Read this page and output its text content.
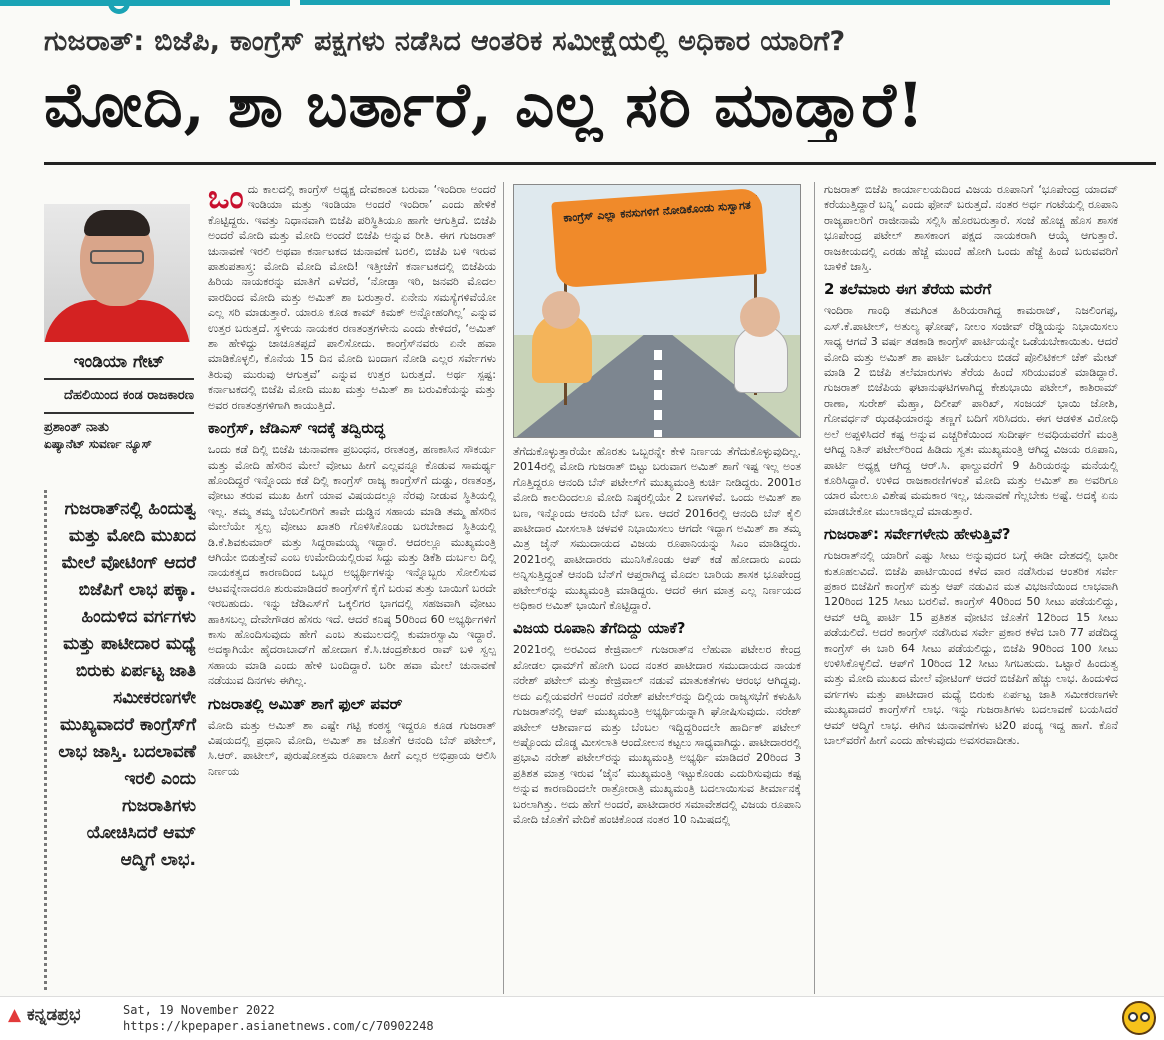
ಗುಜರಾತ್: ಬಿಜೆಪಿ, ಕಾಂಗ್ರೆಸ್ ಪಕ್ಷಗಳು ನಡೆಸಿದ ಆಂತರಿಕ ಸಮೀಕ್ಷೆಯಲ್ಲಿ ಅಧಿಕಾರ ಯಾರಿಗೆ?
ಮೋದಿ, ಶಾ ಬರ್ತಾರೆ, ಎಲ್ಲ ಸರಿ ಮಾಡ್ತಾರೆ!
ಇಂಡಿಯಾ ಗೇಟ್
ದೆಹಲಿಯಿಂದ ಕಂಡ ರಾಜಕಾರಣ
ಪ್ರಶಾಂತ್ ನಾತು
ಏಷ್ಯಾನೆಟ್ ಸುವರ್ಣ ನ್ಯೂಸ್
ಗುಜರಾತ್‌ನಲ್ಲಿ ಹಿಂದುತ್ವ ಮತ್ತು ಮೋದಿ ಮುಖದ ಮೇಲೆ ವೋಟಿಂಗ್ ಆದರೆ ಬಿಜೆಪಿಗೆ ಲಾಭ ಪಕ್ಕಾ. ಹಿಂದುಳಿದ ವರ್ಗಗಳು ಮತ್ತು ಪಾಟೀದಾರ ಮಧ್ಯೆ ಬಿರುಕು ಏರ್ಪಟ್ಟ ಜಾತಿ ಸಮೀಕರಣಗಳೇ ಮುಖ್ಯವಾದರೆ ಕಾಂಗ್ರೆಸ್‌ಗೆ ಲಾಭ ಜಾಸ್ತಿ. ಬದಲಾವಣೆ ಇರಲಿ ಎಂದು ಗುಜರಾತಿಗಳು ಯೋಚಿಸಿದರೆ ಆಮ್ ಆದ್ಮಿಗೆ ಲಾಭ.
ಒಂ ದು ಕಾಲದಲ್ಲಿ ಕಾಂಗ್ರೆಸ್ ಅಧ್ಯಕ್ಷ ದೇವಕಾಂತ ಬರುವಾ ‘ಇಂದಿರಾ ಅಂದರೆ ಇಂಡಿಯಾ ಮತ್ತು ಇಂಡಿಯಾ ಅಂದರೆ ಇಂದಿರಾ’ ಎಂದು ಹೇಳಿಕೆ ಕೊಟ್ಟಿದ್ದರು. ಇವತ್ತು ನಿಧಾನವಾಗಿ ಬಿಜೆಪಿ ಪರಿಸ್ಥಿತಿಯೂ ಹಾಗೇ ಆಗುತ್ತಿದೆ. ಬಿಜೆಪಿ ಅಂದರೆ ಮೋದಿ ಮತ್ತು ಮೋದಿ ಅಂದರೆ ಬಿಜೆಪಿ ಅನ್ನುವ ರೀತಿ. ಈಗ ಗುಜರಾತ್ ಚುನಾವಣೆ ಇರಲಿ ಅಥವಾ ಕರ್ನಾಟಕದ ಚುನಾವಣೆ ಬರಲಿ, ಬಿಜೆಪಿ ಬಳಿ ಇರುವ ಪಾಶುಪತಾಸ್ತ್ರ: ಮೋದಿ ಮೋದಿ ಮೋದಿ! ಇತ್ತೀಚೆಗೆ ಕರ್ನಾಟಕದಲ್ಲಿ ಬಿಜೆಪಿಯ ಹಿರಿಯ ನಾಯಕರನ್ನು ಮಾತಿಗೆ ಎಳೆದರೆ, ‘ನೋಡ್ತಾ ಇರಿ, ಜನವರಿ ಮೊದಲ ವಾರದಿಂದ ಮೋದಿ ಮತ್ತು ಅಮಿತ್ ಶಾ ಬರುತ್ತಾರೆ. ಏನೇನು ಸಮಸ್ಯೆಗಳಿವೆಯೋ ಎಲ್ಲ ಸರಿ ಮಾಡುತ್ತಾರೆ. ಯಾರೂ ಕೂಡ ಕಾಮ್ ಕಿಮಕ್ ಅನ್ನೋಹಂಗಿಲ್ಲ’ ಎನ್ನುವ ಉತ್ತರ ಬರುತ್ತದೆ. ಸ್ಥಳೀಯ ನಾಯಕರ ರಣತಂತ್ರಗಳೇನು ಎಂದು ಕೇಳಿದರೆ, ‘ಅಮಿತ್ ಶಾ ಹೇಳಿದ್ದು ಚಾಚೂತಪ್ಪದೆ ಪಾಲಿಸೋದು. ಕಾಂಗ್ರೆಸ್‌ನವರು ಏನೇ ಹವಾ ಮಾಡಿಕೊಳ್ಳಲಿ, ಕೊನೆಯ 15 ದಿನ ಮೋದಿ ಬಂದಾಗ ನೋಡಿ ಎಲ್ಲರ ಸರ್ವೇಗಳು ತಿರುವು ಮುರುವು ಆಗುತ್ತವೆ’ ಎನ್ನುವ ಉತ್ತರ ಬರುತ್ತದೆ. ಅರ್ಥ ಸ್ಪಷ್ಟ: ಕರ್ನಾಟಕದಲ್ಲಿ ಬಿಜೆಪಿ ಮೋದಿ ಮುಖ ಮತ್ತು ಅಮಿತ್ ಶಾ ಬರುವಿಕೆಯನ್ನು ಮತ್ತು ಅವರ ರಣತಂತ್ರಗಳಿಗಾಗಿ ಕಾಯುತ್ತಿದೆ.
ಕಾಂಗ್ರೆಸ್, ಜೆಡಿಎಸ್ ಇದಕ್ಕೆ ತದ್ವಿರುದ್ಧ
ಒಂದು ಕಡೆ ದಿಲ್ಲಿ ಬಿಜೆಪಿ ಚುನಾವಣಾ ಪ್ರಬಂಧನ, ರಣತಂತ್ರ, ಹಣಕಾಸಿನ ಸೌಕರ್ಯ ಮತ್ತು ಮೋದಿ ಹೆಸರಿನ ಮೇಲೆ ವೋಟು ಹೀಗೆ ಎಲ್ಲವನ್ನೂ ಕೊಡುವ ಸಾಮರ್ಥ್ಯ ಹೊಂದಿದ್ದರೆ ಇನ್ನೊಂದು ಕಡೆ ದಿಲ್ಲಿ ಕಾಂಗ್ರೆಸ್ ರಾಜ್ಯ ಕಾಂಗ್ರೆಸ್‌ಗೆ ದುಡ್ಡು, ರಣತಂತ್ರ, ವೋಟು ತರುವ ಮುಖ ಹೀಗೆ ಯಾವ ವಿಷಯದಲ್ಲೂ ನೆರವು ನೀಡುವ ಸ್ಥಿತಿಯಲ್ಲಿ ಇಲ್ಲ. ತಮ್ಮ ತಮ್ಮ ಬೆಂಬಲಿಗರಿಗೆ ತಾವೇ ದುಡ್ಡಿನ ಸಹಾಯ ಮಾಡಿ ತಮ್ಮ ಹೆಸರಿನ ಮೇಲೆಯೇ ಸ್ವಲ್ಪ ವೋಟು ಖಾತರಿ ಗೊಳಿಸಿಕೊಂಡು ಬರಬೇಕಾದ ಸ್ಥಿತಿಯಲ್ಲಿ ಡಿ.ಕೆ.ಶಿವಕುಮಾರ್ ಮತ್ತು ಸಿದ್ದರಾಮಯ್ಯ ಇದ್ದಾರೆ. ಆದರಲ್ಲೂ ಮುಖ್ಯಮಂತ್ರಿ ಆಗಿಯೇ ಬಿಡುತ್ತೇವೆ ಎಂಬ ಉಮೇದಿಯಲ್ಲಿರುವ ಸಿದ್ದು ಮತ್ತು ಡಿಕೆಶಿ ದುರ್ಬಲ ದಿಲ್ಲಿ ನಾಯಕತ್ವದ ಕಾರಣದಿಂದ ಒಬ್ಬರ ಅಭ್ಯರ್ಥಿಗಳನ್ನು ಇನ್ನೊಬ್ಬರು ಸೋಲಿಸುವ ಆಟವನ್ನೇನಾದರೂ ಶುರುಮಾಡಿದರೆ ಕಾಂಗ್ರೆಸ್‌ಗೆ ಕೈಗೆ ಬರುವ ತುತ್ತು ಬಾಯಿಗೆ ಬರದೇ ಇರಬಹುದು. ಇನ್ನು ಜೆಡಿಎಸ್‌ಗೆ ಒಕ್ಕಲಿಗರ ಭಾಗದಲ್ಲಿ ಸಹಜವಾಗಿ ವೋಟು ಹಾಕಿಸಬಲ್ಲ ದೇವೇಗೌಡರ ಹೆಸರು ಇದೆ. ಆದರೆ ಕನಿಷ್ಠ 50ರಿಂದ 60 ಅಭ್ಯರ್ಥಿಗಳಿಗೆ ಕಾಸು ಹೊಂದಿಸುವುದು ಹೇಗೆ ಎಂಬ ತುಮುಲದಲ್ಲಿ ಕುಮಾರಸ್ವಾಮಿ ಇದ್ದಾರೆ. ಅದಕ್ಕಾಗಿಯೇ ಹೈದರಾಬಾದ್‌ಗೆ ಹೋದಾಗ ಕೆ.ಸಿ.ಚಂದ್ರಶೇಖರ ರಾವ್ ಬಳಿ ಸ್ವಲ್ಪ ಸಹಾಯ ಮಾಡಿ ಎಂದು ಹೇಳಿ ಬಂದಿದ್ದಾರೆ. ಬರೀ ಹವಾ ಮೇಲೆ ಚುನಾವಣೆ ನಡೆಯುವ ದಿನಗಳು ಈಗಿಲ್ಲ.
ಗುಜರಾತಲ್ಲಿ ಅಮಿತ್ ಶಾಗೆ ಫುಲ್ ಪವರ್
ಮೋದಿ ಮತ್ತು ಅಮಿತ್ ಶಾ ಎಷ್ಟೇ ಗಟ್ಟಿ ಕಂಠಸ್ಥ ಇದ್ದರೂ ಕೂಡ ಗುಜರಾತ್ ವಿಷಯದಲ್ಲಿ ಪ್ರಧಾನಿ ಮೋದಿ, ಅಮಿತ್ ಶಾ ಜೊತೆಗೆ ಆನಂದಿ ಬೆನ್ ಪಟೇಲ್, ಸಿ.ಆರ್. ಪಾಟೀಲ್, ಪುರುಷೋತ್ತಮ ರೂಪಾಲಾ ಹೀಗೆ ಎಲ್ಲರ ಅಭಿಪ್ರಾಯ ಆಲಿಸಿ ನಿರ್ಣಯ
ಕಾಂಗ್ರೆಸ್ ಎಲ್ಲಾ ಕನಸುಗಳಿಗೆ ನೋಡಿಕೊಂಡು ಸುಸ್ವಾಗತ
ತೆಗೆದುಕೊಳ್ಳುತ್ತಾರೆಯೇ ಹೊರತು ಒಬ್ಬರನ್ನೇ ಕೇಳಿ ನಿರ್ಣಯ ತೆಗೆದುಕೊಳ್ಳುವುದಿಲ್ಲ. 2014ರಲ್ಲಿ ಮೋದಿ ಗುಜರಾತ್ ಬಿಟ್ಟು ಬರುವಾಗ ಅಮಿತ್ ಶಾಗೆ ಇಷ್ಟ ಇಲ್ಲ ಅಂತ ಗೊತ್ತಿದ್ದರೂ ಆನಂದಿ ಬೆನ್ ಪಟೇಲ್‌ಗೆ ಮುಖ್ಯಮಂತ್ರಿ ಕುರ್ಚಿ ನೀಡಿದ್ದರು. 2001ರ ಮೋದಿ ಕಾಲದಿಂದಲೂ ಮೋದಿ ನಿಷ್ಠರಲ್ಲಿಯೇ 2 ಬಣಗಳಿವೆ. ಒಂದು ಅಮಿತ್ ಶಾ ಬಣ, ಇನ್ನೊಂದು ಆನಂದಿ ಬೆನ್ ಬಣ. ಆದರೆ 2016ರಲ್ಲಿ ಆನಂದಿ ಬೆನ್ ಕೈಲಿ ಪಾಟೀದಾರ ಮೀಸಲಾತಿ ಚಳವಳಿ ನಿಭಾಯಿಸಲು ಆಗದೇ ಇದ್ದಾಗ ಅಮಿತ್ ಶಾ ತಮ್ಮ ಮಿತ್ರ ಜೈನ್ ಸಮುದಾಯದ ವಿಜಯ ರೂಪಾನಿಯನ್ನು ಸಿಎಂ ಮಾಡಿದ್ದರು. 2021ರಲ್ಲಿ ಪಾಟೀದಾರರು ಮುನಿಸಿಕೊಂಡು ಆಪ್ ಕಡೆ ಹೋದಾರು ಎಂದು ಅನ್ನಿಸುತ್ತಿದ್ದಂತೆ ಆನಂದಿ ಬೆನ್‌ಗೆ ಆಪ್ತರಾಗಿದ್ದ ಮೊದಲ ಬಾರಿಯ ಶಾಸಕ ಭೂಪೇಂದ್ರ ಪಟೇಲ್‌ರನ್ನು ಮುಖ್ಯಮಂತ್ರಿ ಮಾಡಿದ್ದರು. ಆದರೆ ಈಗ ಮಾತ್ರ ಎಲ್ಲ ನಿರ್ಣಯದ ಅಧಿಕಾರ ಅಮಿತ್ ಭಾಯಿಗೆ ಕೊಟ್ಟಿದ್ದಾರೆ.
ವಿಜಯ ರೂಪಾನಿ ತೆಗೆದಿದ್ದು ಯಾಕೆ?
2021ರಲ್ಲಿ ಅರವಿಂದ ಕೇಜ್ರಿವಾಲ್ ಗುಜರಾತ್‌ನ ಲೆಹುವಾ ಪಟೇಲರ ಕೇಂದ್ರ ಖೋಡಲ ಧಾಮ್‌ಗೆ ಹೋಗಿ ಬಂದ ನಂತರ ಪಾಟೀದಾರ ಸಮುದಾಯದ ನಾಯಕ ನರೇಶ್ ಪಟೇಲ್ ಮತ್ತು ಕೇಜ್ರಿವಾಲ್ ನಡುವೆ ಮಾತುಕತೆಗಳು ಆರಂಭ ಆಗಿದ್ದವು. ಅದು ಎಲ್ಲಿಯವರೆಗೆ ಅಂದರೆ ನರೇಶ್ ಪಟೇಲ್‌ರನ್ನು ದಿಲ್ಲಿಯ ರಾಜ್ಯಸಭೆಗೆ ಕಳುಹಿಸಿ ಗುಜರಾತ್‌ನಲ್ಲಿ ಆಪ್ ಮುಖ್ಯಮಂತ್ರಿ ಅಭ್ಯರ್ಥಿಯನ್ನಾಗಿ ಘೋಷಿಸುವುದು. ನರೇಶ್ ಪಟೇಲ್ ಆಶೀರ್ವಾದ ಮತ್ತು ಬೆಂಬಲ ಇದ್ದಿದ್ದರಿಂದಲೇ ಹಾರ್ದಿಕ್ ಪಟೇಲ್ ಅಷ್ಟೊಂದು ದೊಡ್ಡ ಮೀಸಲಾತಿ ಆಂದೋಲನ ಕಟ್ಟಲು ಸಾಧ್ಯವಾಗಿದ್ದು. ಪಾಟೀದಾರರಲ್ಲಿ ಪ್ರಭಾವಿ ನರೇಶ್ ಪಟೇಲ್‌ರನ್ನು ಮುಖ್ಯಮಂತ್ರಿ ಅಭ್ಯರ್ಥಿ ಮಾಡಿದರೆ 20ರಿಂದ 3 ಪ್ರತಿಶತ ಮಾತ್ರ ಇರುವ ‘ಜೈನ’ ಮುಖ್ಯಮಂತ್ರಿ ಇಟ್ಟುಕೊಂಡು ಎದುರಿಸುವುದು ಕಷ್ಟ ಅನ್ನುವ ಕಾರಣದಿಂದಲೇ ರಾತ್ರೋರಾತ್ರಿ ಮುಖ್ಯಮಂತ್ರಿ ಬದಲಾಯಿಸುವ ತೀರ್ಮಾನಕ್ಕೆ ಬರಲಾಗಿತ್ತು. ಅದು ಹೇಗೆ ಅಂದರೆ, ಪಾಟೀದಾರರ ಸಮಾವೇಶದಲ್ಲಿ ವಿಜಯ ರೂಪಾನಿ ಮೋದಿ ಜೊತೆಗೆ ವೇದಿಕೆ ಹಂಚಿಕೊಂಡ ನಂತರ 10 ನಿಮಿಷದಲ್ಲಿ
ಗುಜರಾತ್ ಬಿಜೆಪಿ ಕಾರ್ಯಾಲಯದಿಂದ ವಿಜಯ ರೂಪಾನಿಗೆ ‘ಭೂಪೇಂದ್ರ ಯಾದವ್ ಕರೆಯುತ್ತಿದ್ದಾರೆ ಬನ್ನಿ’ ಎಂದು ಫೋನ್ ಬರುತ್ತದೆ. ನಂತರ ಅರ್ಧ ಗಂಟೆಯಲ್ಲಿ ರೂಪಾನಿ ರಾಜ್ಯಪಾಲರಿಗೆ ರಾಜೀನಾಮೆ ಸಲ್ಲಿಸಿ ಹೊರಬರುತ್ತಾರೆ. ಸಂಜೆ ಹೊಚ್ಚ ಹೊಸ ಶಾಸಕ ಭೂಪೇಂದ್ರ ಪಟೇಲ್ ಶಾಸಕಾಂಗ ಪಕ್ಷದ ನಾಯಕರಾಗಿ ಆಯ್ಕೆ ಆಗುತ್ತಾರೆ. ರಾಜಕೀಯದಲ್ಲಿ ಎರಡು ಹೆಜ್ಜೆ ಮುಂದೆ ಹೋಗಿ ಒಂದು ಹೆಜ್ಜೆ ಹಿಂದೆ ಬರುವವರಿಗೆ ಬಾಳಿಕೆ ಜಾಸ್ತಿ.
2 ತಲೆಮಾರು ಈಗ ತೆರೆಯ ಮರೆಗೆ
ಇಂದಿರಾ ಗಾಂಧಿ ತಮಗಿಂತ ಹಿರಿಯರಾಗಿದ್ದ ಕಾಮರಾಜ್, ನಿಜಲಿಂಗಪ್ಪ, ಎಸ್.ಕೆ.ಪಾಟೀಲ್, ಅತುಲ್ಯ ಘೋಷ್, ನೀಲಂ ಸಂಜೀವ್ ರೆಡ್ಡಿಯನ್ನು ನಿಭಾಯಿಸಲು ಸಾಧ್ಯ ಆಗದೆ 3 ವರ್ಷ ತಡಕಾಡಿ ಕಾಂಗ್ರೆಸ್ ಪಾರ್ಟಿಯನ್ನೇ ಒಡೆಯಬೇಕಾಯಿತು. ಆದರೆ ಮೋದಿ ಮತ್ತು ಅಮಿತ್ ಶಾ ಪಾರ್ಟಿ ಒಡೆಯಲು ಬಿಡದೆ ಪೊಲಿಟಿಕಲ್ ಚೆಕ್ ಮೇಟ್ ಮಾಡಿ 2 ಬಿಜೆಪಿ ತಲೆಮಾರುಗಳು ತೆರೆಯ ಹಿಂದೆ ಸರಿಯುವಂತೆ ಮಾಡಿದ್ದಾರೆ. ಗುಜರಾತ್ ಬಿಜೆಪಿಯ ಘಟಾನುಘಟಿಗಳಾಗಿದ್ದ ಕೇಶುಭಾಯಿ ಪಟೇಲ್, ಕಾಶಿರಾಮ್ ರಾಣಾ, ಸುರೇಶ್ ಮೆಹ್ತಾ, ದಿಲೀಪ್ ಪಾರಿಖ್, ಸಂಜಯ್ ಭಾಯಿ ಜೋಶಿ, ಗೋವರ್ಧನ್ ಝಡಫಿಯಾರನ್ನು ತಣ್ಣಗೆ ಬದಿಗೆ ಸರಿಸಿದರು. ಈಗ ಆಡಳಿತ ವಿರೋಧಿ ಅಲೆ ಅಪ್ಪಳಿಸಿದರೆ ಕಷ್ಟ ಅನ್ನುವ ಎಚ್ಚರಿಕೆಯಿಂದ ಸುದೀರ್ಘ ಅವಧಿಯವರೆಗೆ ಮಂತ್ರಿ ಆಗಿದ್ದ ನಿತಿನ್ ಪಟೇಲ್‌ರಿಂದ ಹಿಡಿದು ಸ್ವತಃ ಮುಖ್ಯಮಂತ್ರಿ ಆಗಿದ್ದ ವಿಜಯ ರೂಪಾನಿ, ಪಾರ್ಟಿ ಅಧ್ಯಕ್ಷ ಆಗಿದ್ದ ಆರ್.ಸಿ. ಫಾಲ್ದುವರೆಗೆ 9 ಹಿರಿಯರನ್ನು ಮನೆಯಲ್ಲಿ ಕೂರಿಸಿದ್ದಾರೆ. ಉಳಿದ ರಾಜಕಾರಣಿಗಳಂತೆ ಮೋದಿ ಮತ್ತು ಅಮಿತ್ ಶಾ ಅವರಿಗೂ ಯಾರ ಮೇಲೂ ವಿಶೇಷ ಮಮಕಾರ ಇಲ್ಲ, ಚುನಾವಣೆ ಗೆಲ್ಲಬೇಕು ಅಷ್ಟೆ. ಅದಕ್ಕೆ ಏನು ಮಾಡಬೇಕೋ ಮುಲಾಜಿಲ್ಲದೆ ಮಾಡುತ್ತಾರೆ.
ಗುಜರಾತ್: ಸರ್ವೇಗಳೇನು ಹೇಳುತ್ತಿವೆ?
ಗುಜರಾತ್‌ನಲ್ಲಿ ಯಾರಿಗೆ ಎಷ್ಟು ಸೀಟು ಅನ್ನುವುದರ ಬಗ್ಗೆ ಈಡೀ ದೇಶದಲ್ಲಿ ಭಾರೀ ಕುತೂಹಲವಿದೆ. ಬಿಜೆಪಿ ಪಾರ್ಟಿಯಿಂದ ಕಳೆದ ವಾರ ನಡೆಸಿರುವ ಆಂತರಿಕ ಸರ್ವೇ ಪ್ರಕಾರ ಬಿಜೆಪಿಗೆ ಕಾಂಗ್ರೆಸ್ ಮತ್ತು ಆಪ್ ನಡುವಿನ ಮತ ವಿಭಜನೆಯಿಂದ ಲಾಭವಾಗಿ 120ರಿಂದ 125 ಸೀಟು ಬರಲಿವೆ. ಕಾಂಗ್ರೆಸ್ 40ರಿಂದ 50 ಸೀಟು ಪಡೆಯಲಿದ್ದು, ಆಮ್ ಆದ್ಮಿ ಪಾರ್ಟಿ 15 ಪ್ರತಿಶತ ವೋಟಿನ ಜೊತೆಗೆ 12ರಿಂದ 15 ಸೀಟು ಪಡೆಯಲಿದೆ. ಅದರೆ ಕಾಂಗ್ರೆಸ್ ನಡೆಸಿರುವ ಸರ್ವೇ ಪ್ರಕಾರ ಕಳೆದ ಬಾರಿ 77 ಪಡೆದಿದ್ದ ಕಾಂಗ್ರೆಸ್ ಈ ಬಾರಿ 64 ಸೀಟು ಪಡೆಯಲಿದ್ದು, ಬಿಜೆಪಿ 90ರಿಂದ 100 ಸೀಟು ಉಳಿಸಿಕೊಳ್ಳಲಿದೆ. ಆಪ್‌ಗೆ 10ರಿಂದ 12 ಸೀಟು ಸಿಗಬಹುದು. ಒಟ್ಟಾರೆ ಹಿಂದುತ್ವ ಮತ್ತು ಮೋದಿ ಮುಖದ ಮೇಲೆ ವೋಟಿಂಗ್ ಆದರೆ ಬಿಜೆಪಿಗೆ ಹೆಚ್ಚು ಲಾಭ. ಹಿಂದುಳಿದ ವರ್ಗಗಳು ಮತ್ತು ಪಾಟೀದಾರ ಮಧ್ಯೆ ಬಿರುಕು ಏರ್ಪಟ್ಟ ಜಾತಿ ಸಮೀಕರಣಗಳೇ ಮುಖ್ಯವಾದರೆ ಕಾಂಗ್ರೆಸ್‌ಗೆ ಲಾಭ. ಇನ್ನು ಗುಜರಾತಿಗಳು ಬದಲಾವಣೆ ಬಯಸಿದರೆ ಆಮ್ ಆದ್ಮಿಗೆ ಲಾಭ. ಈಗಿನ ಚುನಾವಣೆಗಳು ಟಿ20 ಪಂದ್ಯ ಇದ್ದ ಹಾಗೆ. ಕೊನೆ ಬಾಲ್‌ವರೆಗೆ ಹೀಗೆ ಎಂದು ಹೇಳುವುದು ಅವಸರವಾದೀತು.
▲ ಕನ್ನಡಪ್ರಭ	Sat, 19 November 2022
https://kpepaper.asianetnews.com/c/70902248
